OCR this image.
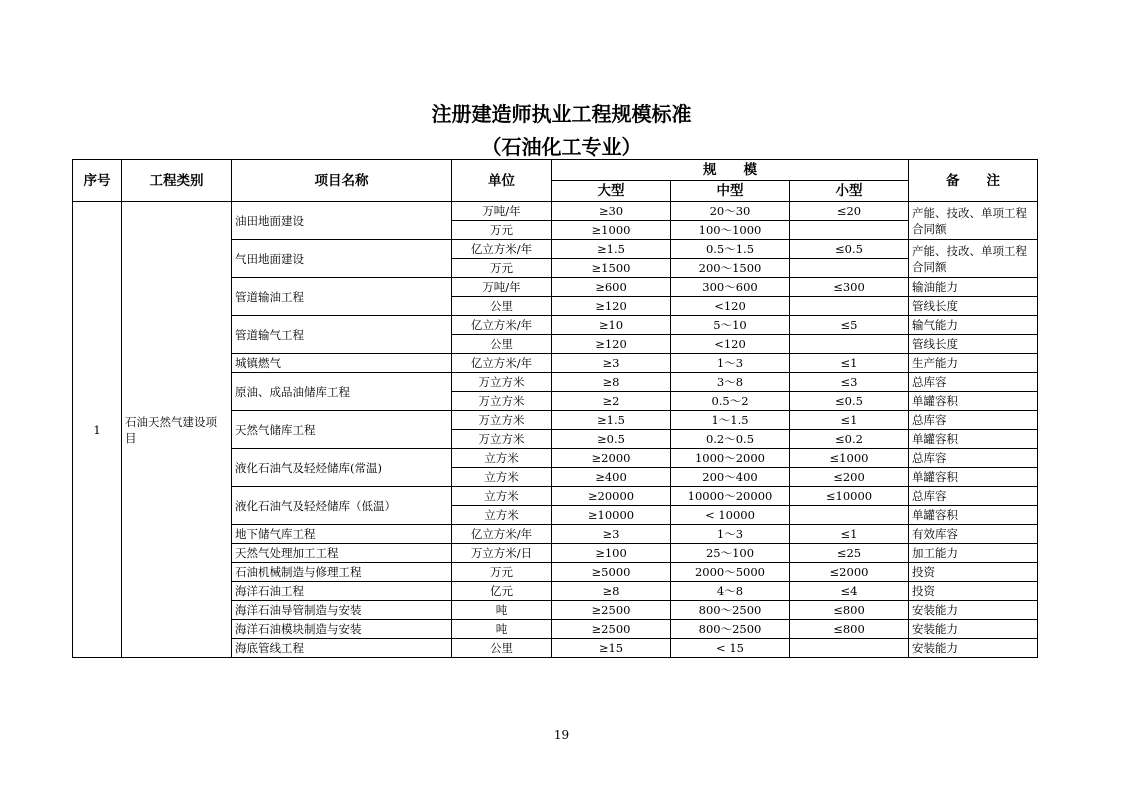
注册建造师执业工程规模标准
（石油化工专业）
序号	工程类别	项目名称	单位	规　　模			备　　注
				大型	中型	小型	
1	石油天然气建设项目	油田地面建设	万吨/年	≥30	20～30	≤20	产能、技改、单项工程合同额
			万元	≥1000	100～1000		
		气田地面建设	亿立方米/年	≥1.5	0.5～1.5	≤0.5	产能、技改、单项工程合同额
			万元	≥1500	200～1500		
		管道输油工程	万吨/年	≥600	300～600	≤300	输油能力
			公里	≥120	<120		管线长度
		管道输气工程	亿立方米/年	≥10	5～10	≤5	输气能力
			公里	≥120	<120		管线长度
		城镇燃气	亿立方米/年	≥3	1～3	≤1	生产能力
		原油、成品油储库工程	万立方米	≥8	3～8	≤3	总库容
			万立方米	≥2	0.5～2	≤0.5	单罐容积
		天然气储库工程	万立方米	≥1.5	1～1.5	≤1	总库容
			万立方米	≥0.5	0.2～0.5	≤0.2	单罐容积
		液化石油气及轻烃储库(常温)	立方米	≥2000	1000～2000	≤1000	总库容
			立方米	≥400	200～400	≤200	单罐容积
		液化石油气及轻烃储库（低温）	立方米	≥20000	10000～20000	≤10000	总库容
			立方米	≥10000	< 10000		单罐容积
		地下储气库工程	亿立方米/年	≥3	1～3	≤1	有效库容
		天然气处理加工工程	万立方米/日	≥100	25～100	≤25	加工能力
		石油机械制造与修理工程	万元	≥5000	2000～5000	≤2000	投资
		海洋石油工程	亿元	≥8	4～8	≤4	投资
		海洋石油导管制造与安装	吨	≥2500	800～2500	≤800	安装能力
		海洋石油模块制造与安装	吨	≥2500	800～2500	≤800	安装能力
		海底管线工程	公里	≥15	< 15		安装能力
19
